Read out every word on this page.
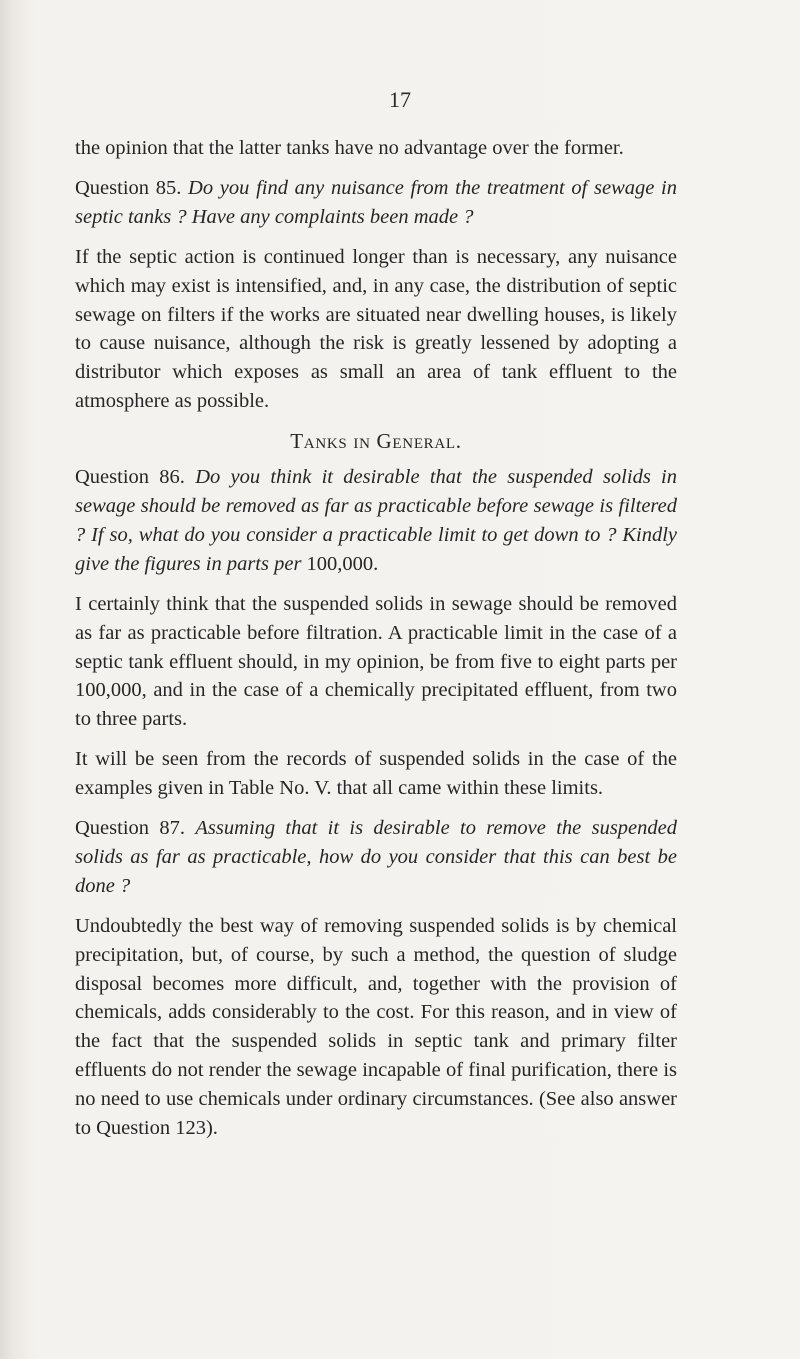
17

the opinion that the latter tanks have no advantage over the former.

Question 85. Do you find any nuisance from the treatment of sewage in septic tanks ? Have any complaints been made ?

If the septic action is continued longer than is necessary, any nuisance which may exist is intensified, and, in any case, the distribution of septic sewage on filters if the works are situated near dwelling houses, is likely to cause nuisance, although the risk is greatly lessened by adopting a distributor which exposes as small an area of tank effluent to the atmosphere as possible.

Tanks in General.

Question 86. Do you think it desirable that the suspended solids in sewage should be removed as far as practicable before sewage is filtered ? If so, what do you consider a practicable limit to get down to ? Kindly give the figures in parts per 100,000.

I certainly think that the suspended solids in sewage should be removed as far as practicable before filtration. A practicable limit in the case of a septic tank effluent should, in my opinion, be from five to eight parts per 100,000, and in the case of a chemically precipitated effluent, from two to three parts.

It will be seen from the records of suspended solids in the case of the examples given in Table No. V. that all came within these limits.

Question 87. Assuming that it is desirable to remove the suspended solids as far as practicable, how do you consider that this can best be done ?

Undoubtedly the best way of removing suspended solids is by chemical precipitation, but, of course, by such a method, the question of sludge disposal becomes more difficult, and, together with the provision of chemicals, adds considerably to the cost. For this reason, and in view of the fact that the suspended solids in septic tank and primary filter effluents do not render the sewage incapable of final purification, there is no need to use chemicals under ordinary circumstances. (See also answer to Question 123).
